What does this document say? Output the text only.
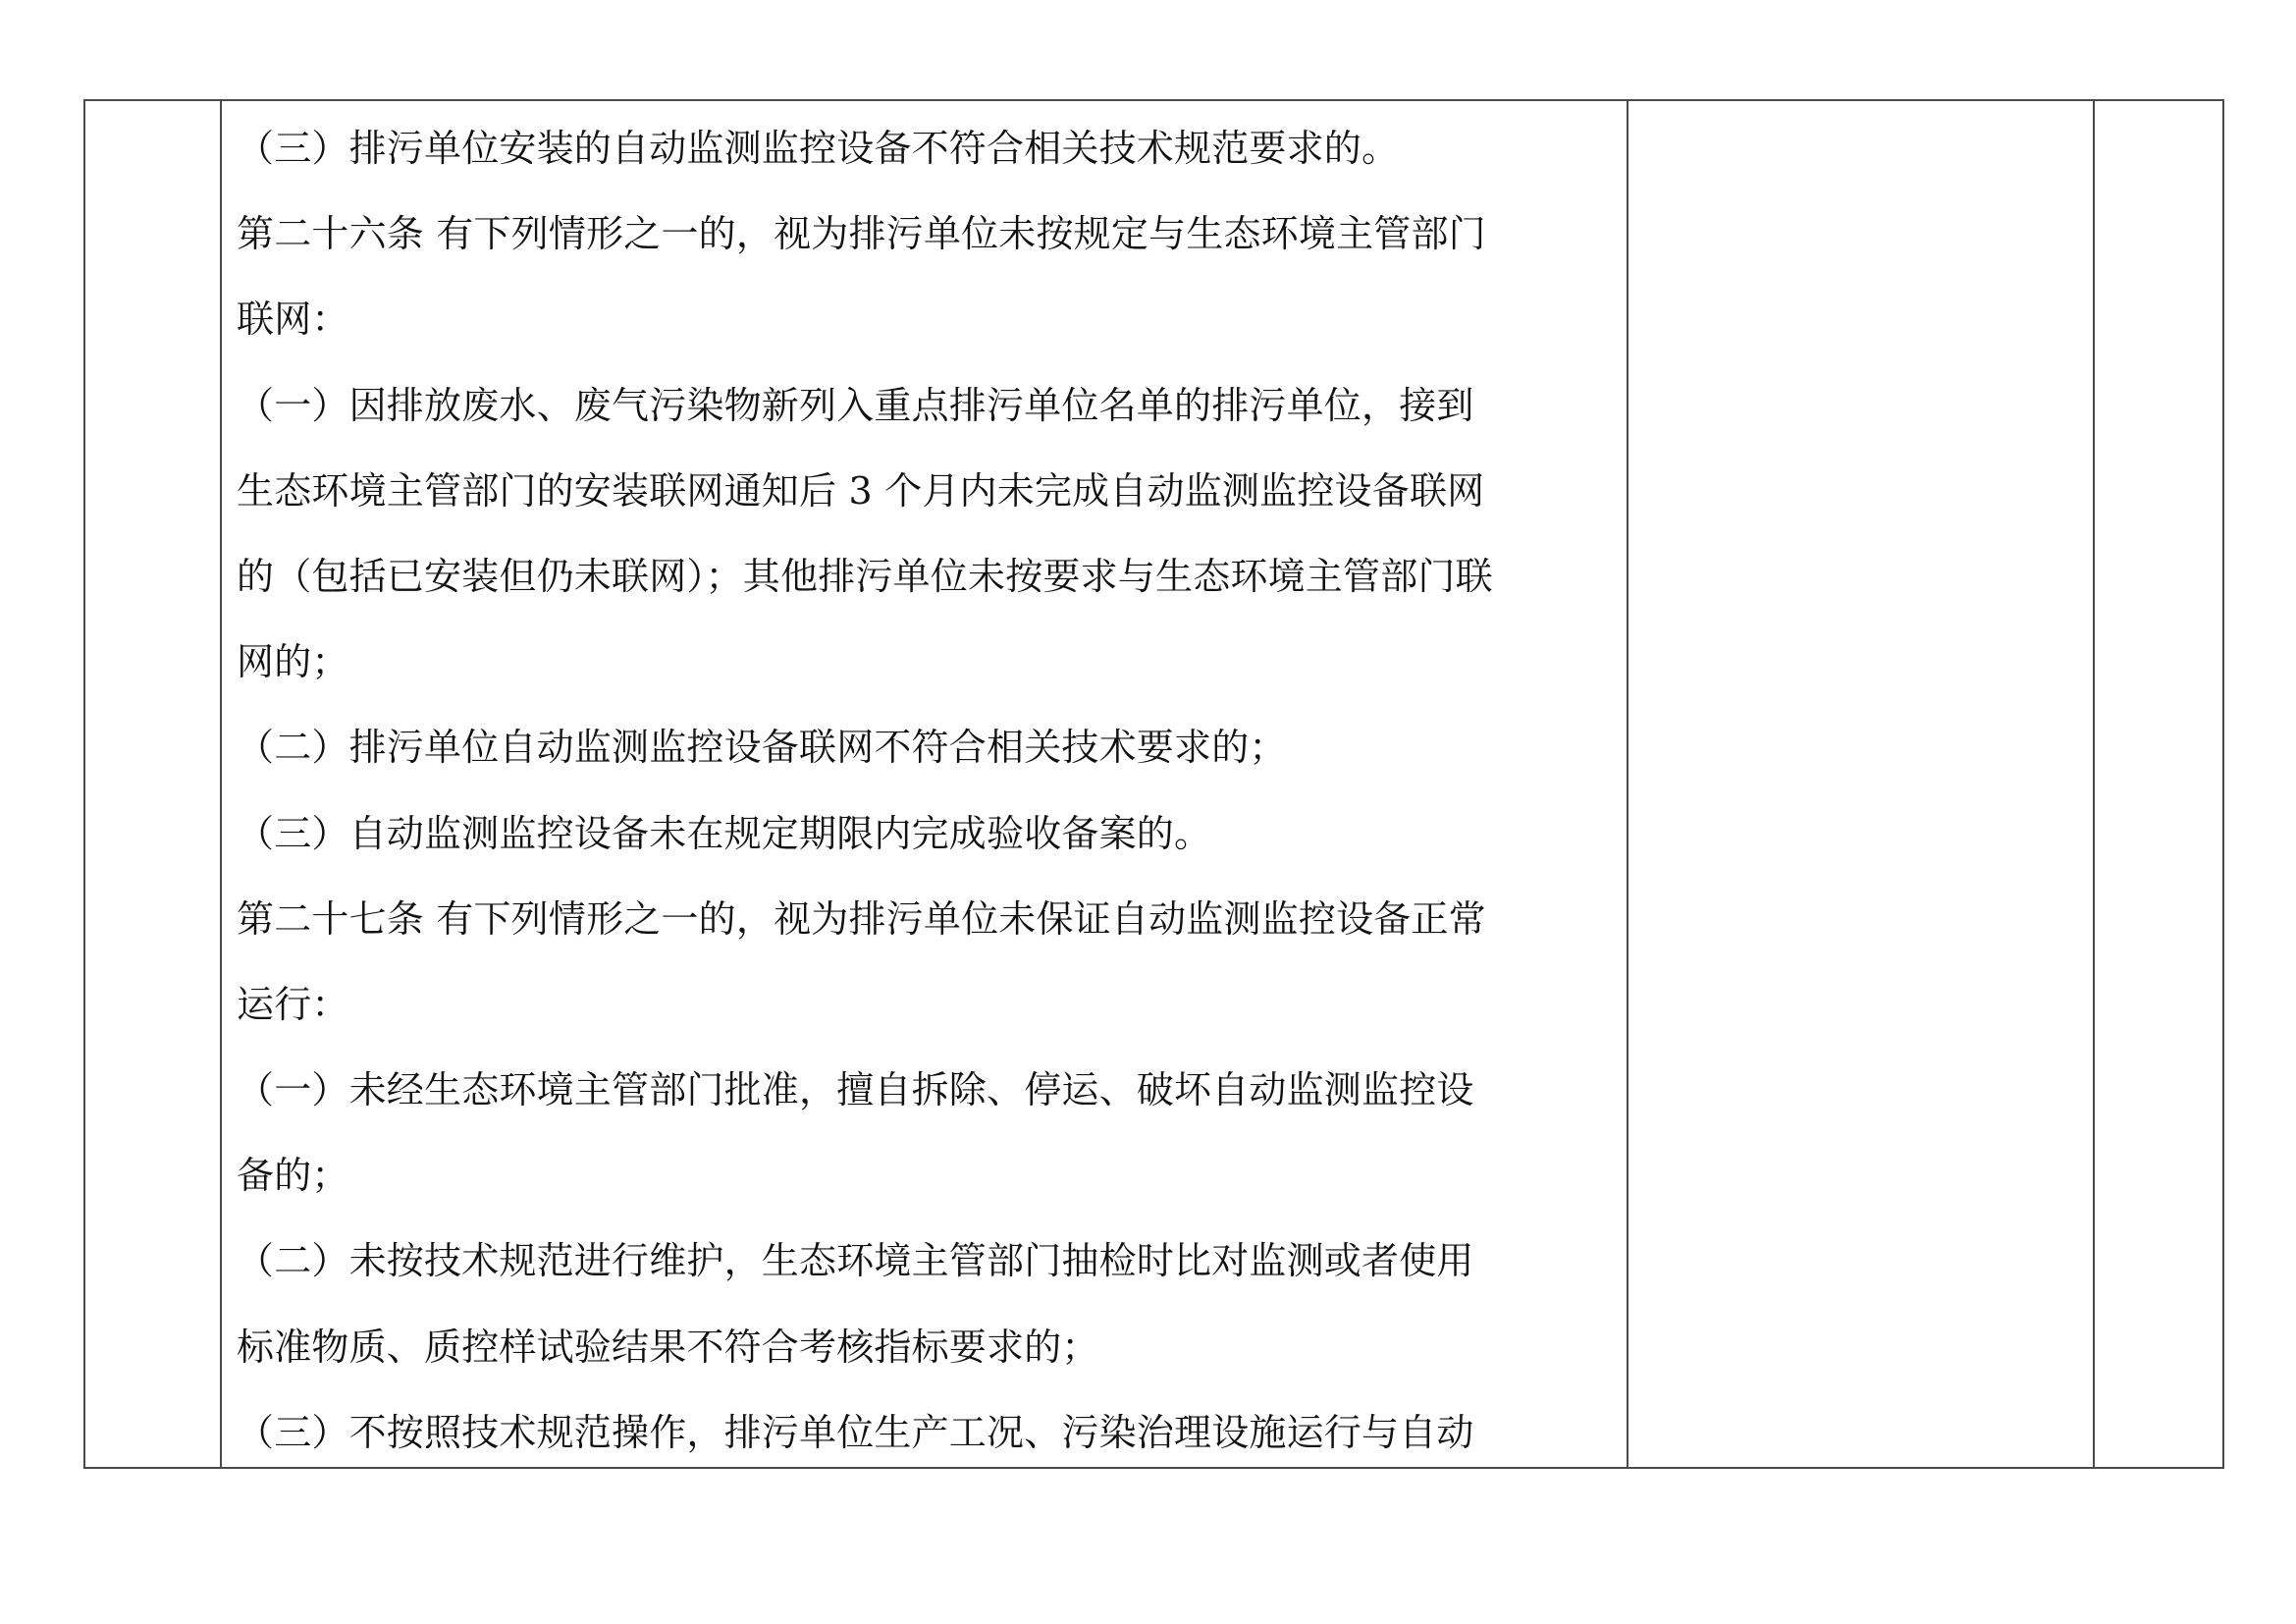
（三）排污单位安装的自动监测监控设备不符合相关技术规范要求的。
第二十六条 有下列情形之一的，视为排污单位未按规定与生态环境主管部门
联网：
（一）因排放废水、废气污染物新列入重点排污单位名单的排污单位，接到
生态环境主管部门的安装联网通知后 3 个月内未完成自动监测监控设备联网
的（包括已安装但仍未联网）；其他排污单位未按要求与生态环境主管部门联
网的；
（二）排污单位自动监测监控设备联网不符合相关技术要求的；
（三）自动监测监控设备未在规定期限内完成验收备案的。
第二十七条 有下列情形之一的，视为排污单位未保证自动监测监控设备正常
运行：
（一）未经生态环境主管部门批准，擅自拆除、停运、破坏自动监测监控设
备的；
（二）未按技术规范进行维护，生态环境主管部门抽检时比对监测或者使用
标准物质、质控样试验结果不符合考核指标要求的；
（三）不按照技术规范操作，排污单位生产工况、污染治理设施运行与自动
